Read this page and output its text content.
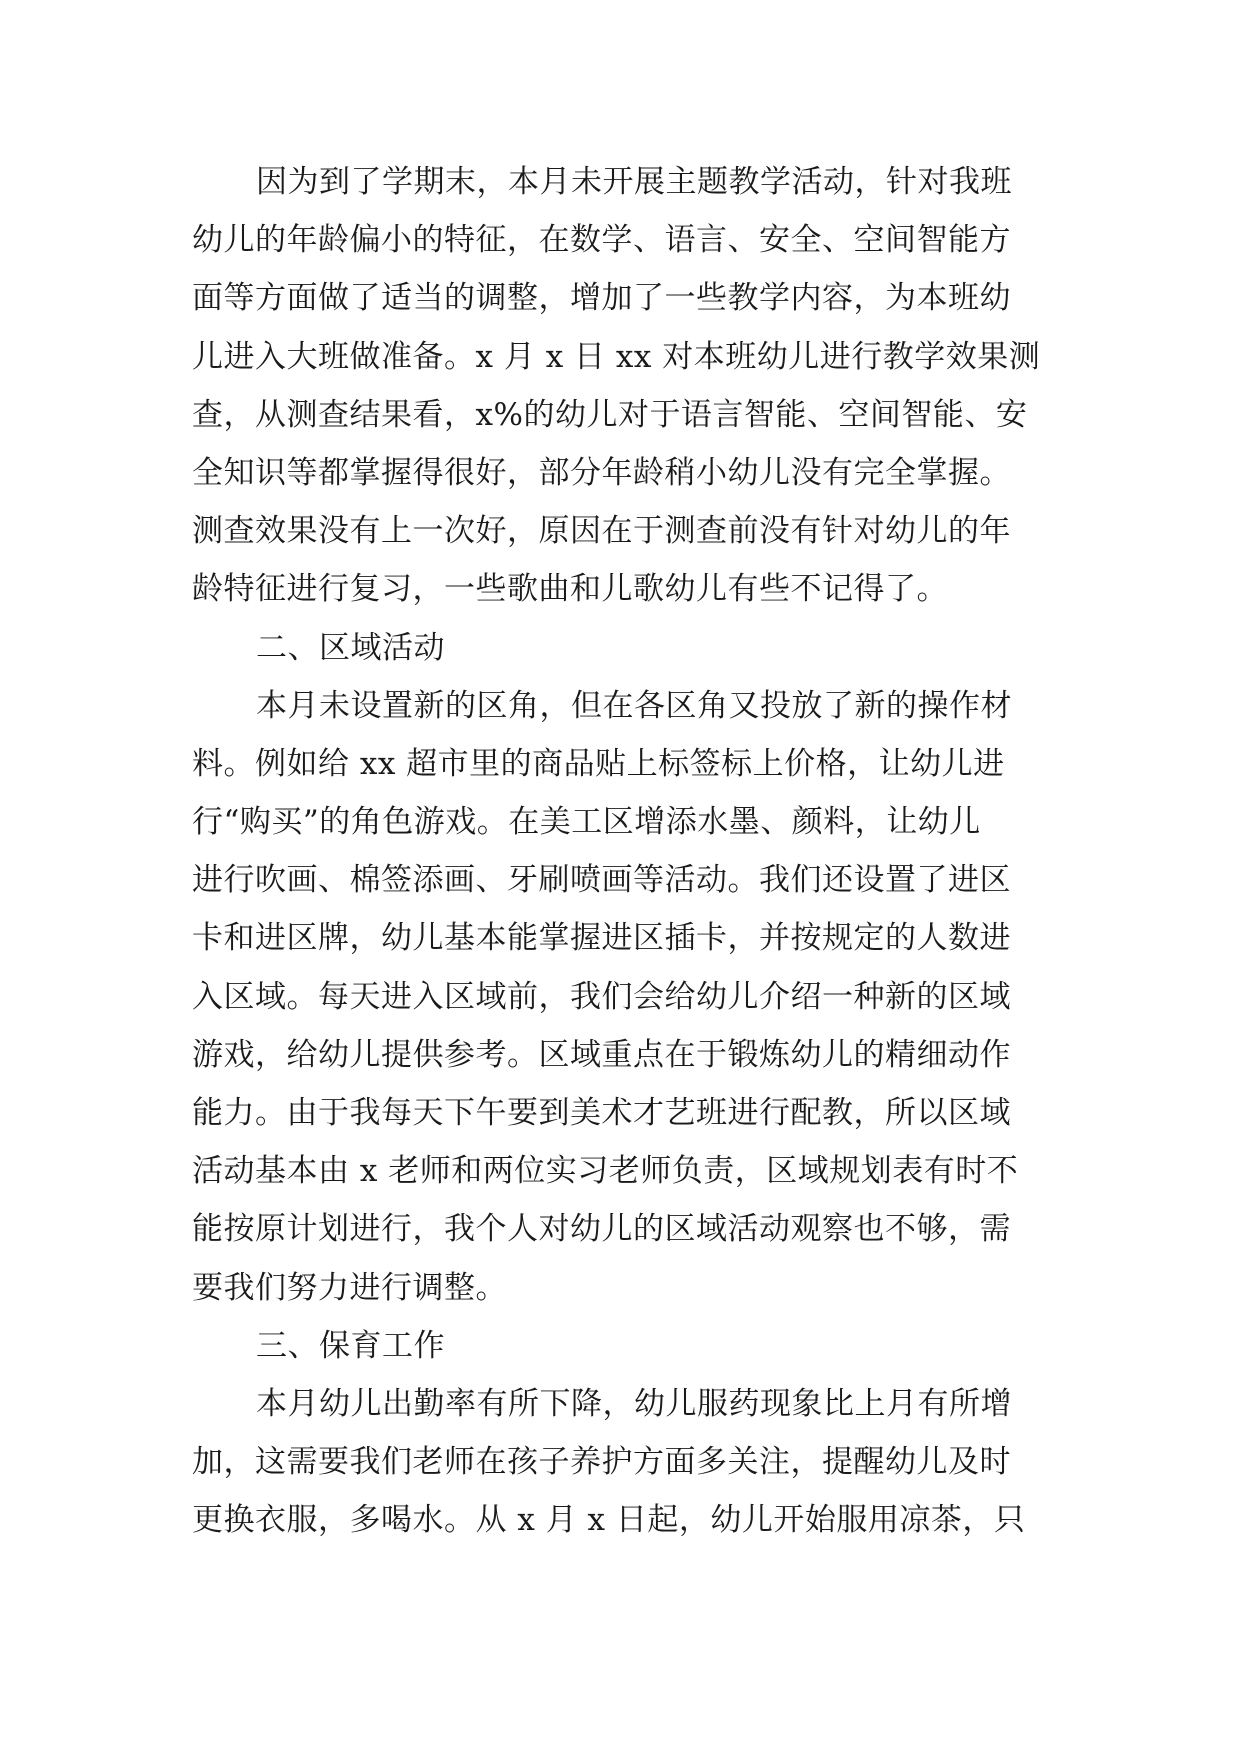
因为到了学期末，本月未开展主题教学活动，针对我班
幼儿的年龄偏小的特征，在数学、语言、安全、空间智能方
面等方面做了适当的调整，增加了一些教学内容，为本班幼
儿进入大班做准备。x 月 x 日 xx 对本班幼儿进行教学效果测
查，从测查结果看，x%的幼儿对于语言智能、空间智能、安
全知识等都掌握得很好，部分年龄稍小幼儿没有完全掌握。
测查效果没有上一次好，原因在于测查前没有针对幼儿的年
龄特征进行复习，一些歌曲和儿歌幼儿有些不记得了。
二、区域活动
本月未设置新的区角，但在各区角又投放了新的操作材
料。例如给 xx 超市里的商品贴上标签标上价格，让幼儿进
行“购买”的角色游戏。在美工区增添水墨、颜料，让幼儿
进行吹画、棉签添画、牙刷喷画等活动。我们还设置了进区
卡和进区牌，幼儿基本能掌握进区插卡，并按规定的人数进
入区域。每天进入区域前，我们会给幼儿介绍一种新的区域
游戏，给幼儿提供参考。区域重点在于锻炼幼儿的精细动作
能力。由于我每天下午要到美术才艺班进行配教，所以区域
活动基本由 x 老师和两位实习老师负责，区域规划表有时不
能按原计划进行，我个人对幼儿的区域活动观察也不够，需
要我们努力进行调整。
三、保育工作
本月幼儿出勤率有所下降，幼儿服药现象比上月有所增
加，这需要我们老师在孩子养护方面多关注，提醒幼儿及时
更换衣服，多喝水。从 x 月 x 日起，幼儿开始服用凉茶，只
